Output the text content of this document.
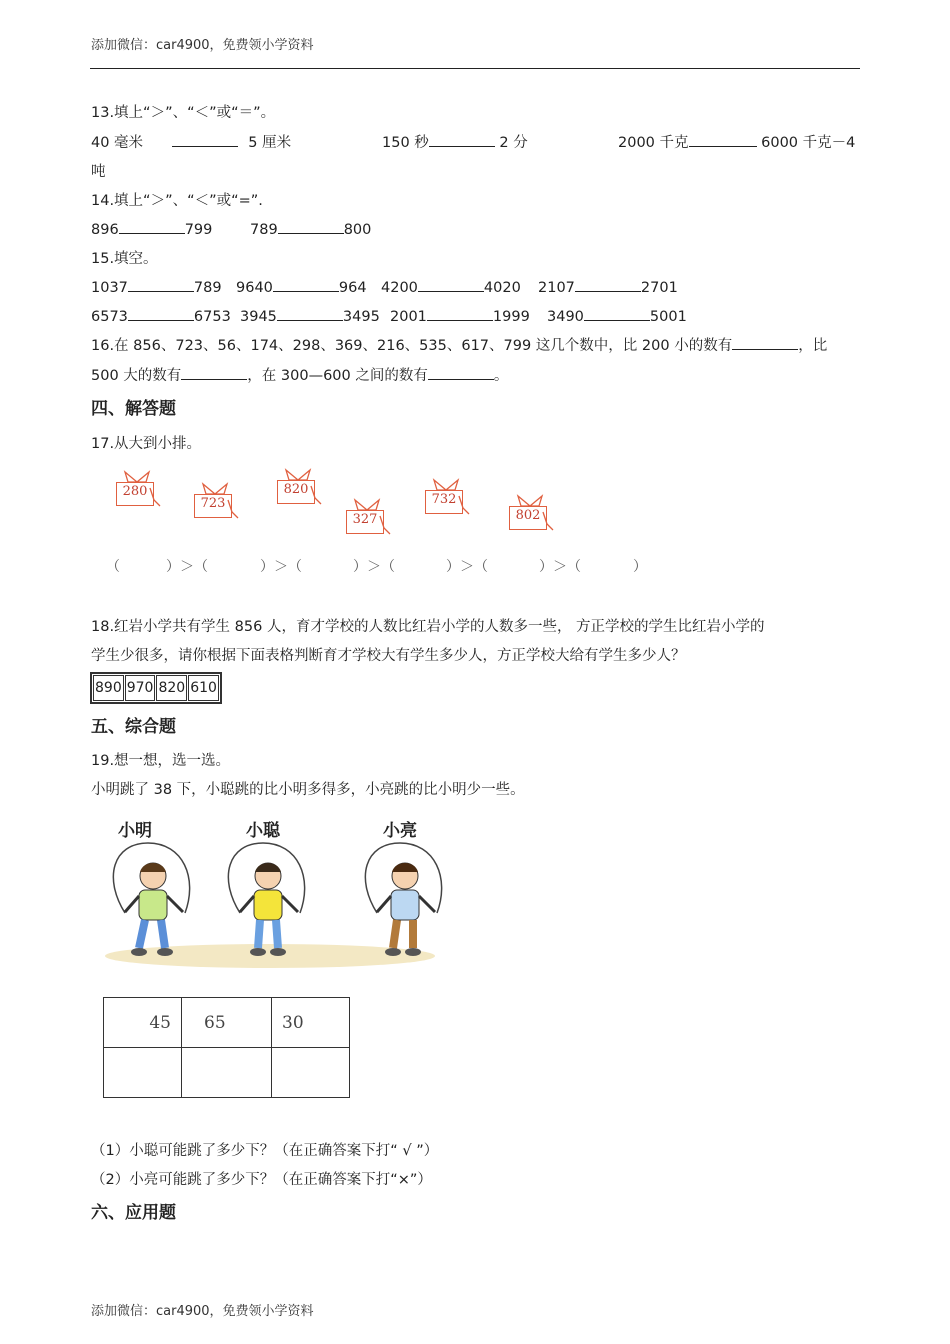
添加微信：car4900，免费领小学资料
13.填上“＞”、“＜”或“＝”。
40 毫米	5 厘米	150 秒	2 分	2000 千克	6000 千克－4
吨
14.填上“＞”、“＜”或“=”.
896	799	789	800
15.填空。
1037	789 9640	964 4200	4020 2107	2701
6573	6753 3945	3495 2001	1999 3490	5001
16.在 856、723、56、174、298、369、216、535、617、799 这几个数中，比 200 小的数有	，比
500 大的数有	，在 300—600 之间的数有	。
四、解答题
17.从大到小排。
280
723
820
327
732
802
（	）＞（	）＞（	）＞（	）＞（	）＞（	）
18.红岩小学共有学生 856 人，育才学校的人数比红岩小学的人数多一些， 方正学校的学生比红岩小学的
学生少很多，请你根据下面表格判断育才学校大有学生多少人，方正学校大给有学生多少人？
890	970	820	610
五、综合题
19.想一想，选一选。
小明跳了 38 下，小聪跳的比小明多得多，小亮跳的比小明少一些。
小明	小聪	小亮
45	65	30

（1）小聪可能跳了多少下？（在正确答案下打“ √ ”）
（2）小亮可能跳了多少下？（在正确答案下打“×”）
六、应用题
添加微信：car4900，免费领小学资料
